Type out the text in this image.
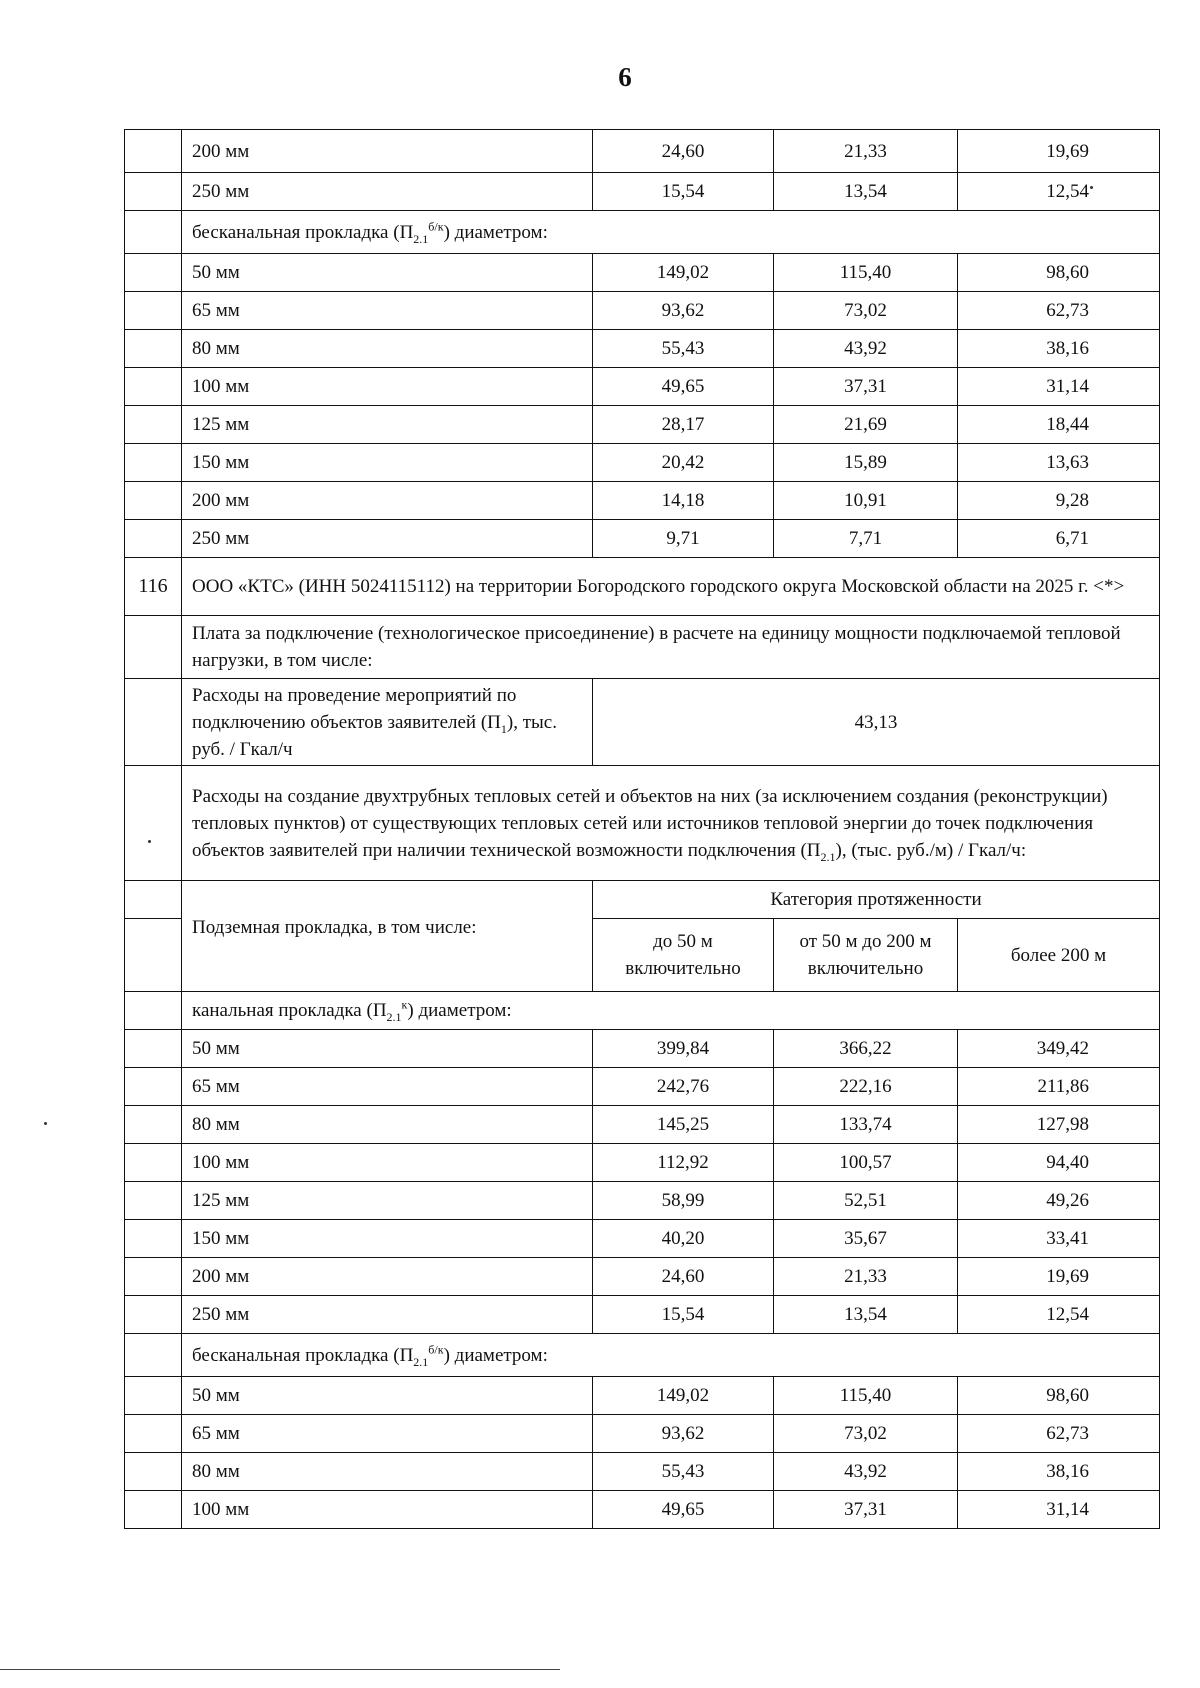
6
	200 мм	24,60	21,33	19,69
	250 мм	15,54	13,54	12,54
	бесканальная прокладка $(П_{2.1}^{б/к})$ диаметром:			
	50 мм	149,02	115,40	98,60
	65 мм	93,62	73,02	62,73
	80 мм	55,43	43,92	38,16
	100 мм	49,65	37,31	31,14
	125 мм	28,17	21,69	18,44
	150 мм	20,42	15,89	13,63
	200 мм	14,18	10,91	9,28
	250 мм	9,71	7,71	6,71
116	ООО «КТС» (ИНН 5024115112) на территории Богородского городского округа Московской области на 2025 г. <*>			
	Плата за подключение (технологическое присоединение) в расчете на единицу мощности подключаемой тепловой нагрузки, в том числе:			
	Расходы на проведение мероприятий по подключению объектов заявителей $(П_1)$, тыс. руб. / Гкал/ч	43,13		
	Расходы на создание двухтрубных тепловых сетей и объектов на них (за исключением создания (реконструкции) тепловых пунктов) от существующих тепловых сетей или источников тепловой энергии до точек подключения объектов заявителей при наличии технической возможности подключения $(П_{2.1})$, (тыс. руб./м) / Гкал/ч:			
	Подземная прокладка, в том числе:	Категория протяженности		
		до 50 м включительно	от 50 м до 200 м включительно	более 200 м
	канальная прокладка $(П_{2.1}^к)$ диаметром:			
	50 мм	399,84	366,22	349,42
	65 мм	242,76	222,16	211,86
	80 мм	145,25	133,74	127,98
	100 мм	112,92	100,57	94,40
	125 мм	58,99	52,51	49,26
	150 мм	40,20	35,67	33,41
	200 мм	24,60	21,33	19,69
	250 мм	15,54	13,54	12,54
	бесканальная прокладка $(П_{2.1}^{б/к})$ диаметром:			
	50 мм	149,02	115,40	98,60
	65 мм	93,62	73,02	62,73
	80 мм	55,43	43,92	38,16
	100 мм	49,65	37,31	31,14
